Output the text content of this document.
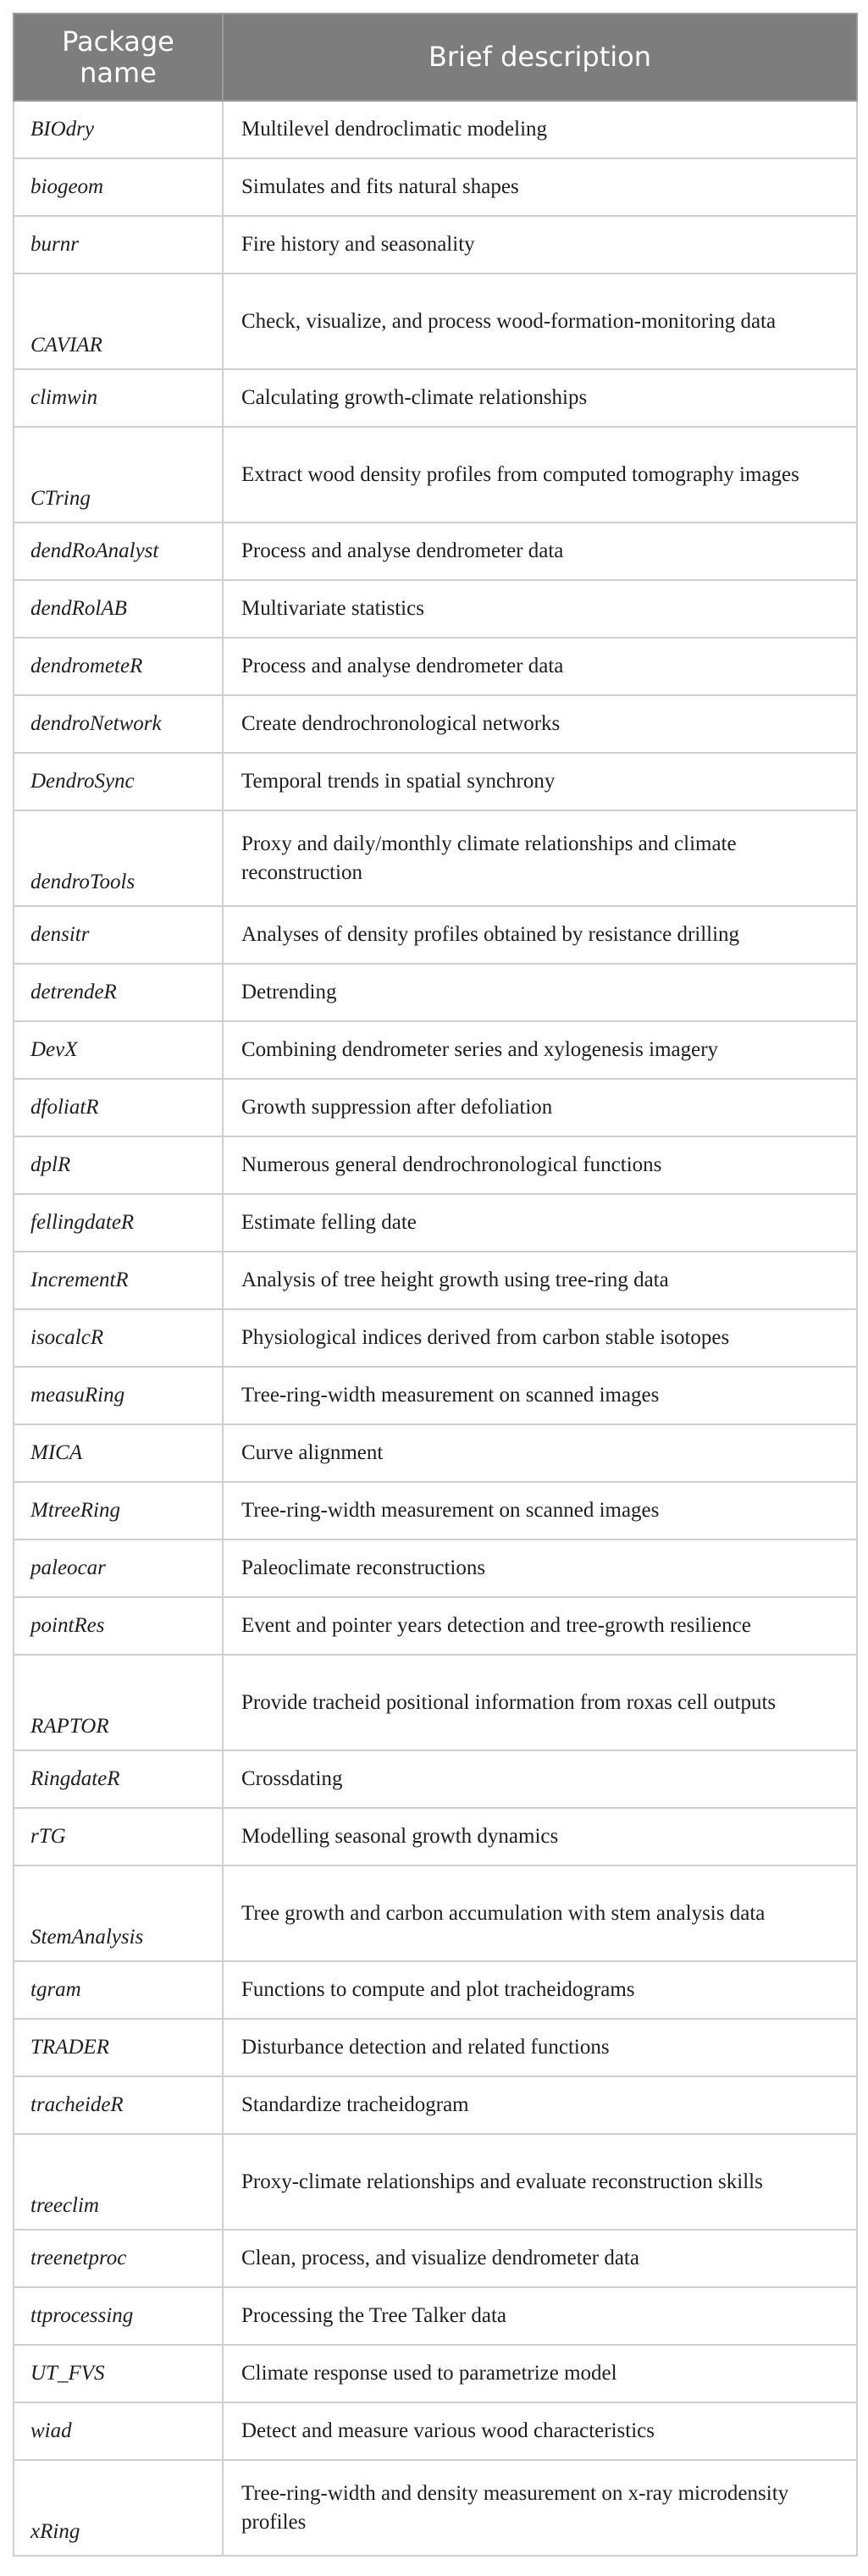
Package
name	Brief description
BIOdry	Multilevel dendroclimatic modeling
biogeom	Simulates and fits natural shapes
burnr	Fire history and seasonality
CAVIAR	Check, visualize, and process wood-formation-monitoring data
climwin	Calculating growth-climate relationships
CTring	Extract wood density profiles from computed tomography images
dendRoAnalyst	Process and analyse dendrometer data
dendRolAB	Multivariate statistics
dendrometeR	Process and analyse dendrometer data
dendroNetwork	Create dendrochronological networks
DendroSync	Temporal trends in spatial synchrony
dendroTools	Proxy and daily/monthly climate relationships and climate reconstruction
densitr	Analyses of density profiles obtained by resistance drilling
detrendeR	Detrending
DevX	Combining dendrometer series and xylogenesis imagery
dfoliatR	Growth suppression after defoliation
dplR	Numerous general dendrochronological functions
fellingdateR	Estimate felling date
IncrementR	Analysis of tree height growth using tree-ring data
isocalcR	Physiological indices derived from carbon stable isotopes
measuRing	Tree-ring-width measurement on scanned images
MICA	Curve alignment
MtreeRing	Tree-ring-width measurement on scanned images
paleocar	Paleoclimate reconstructions
pointRes	Event and pointer years detection and tree-growth resilience
RAPTOR	Provide tracheid positional information from roxas cell outputs
RingdateR	Crossdating
rTG	Modelling seasonal growth dynamics
StemAnalysis	Tree growth and carbon accumulation with stem analysis data
tgram	Functions to compute and plot tracheidograms
TRADER	Disturbance detection and related functions
tracheideR	Standardize tracheidogram
treeclim	Proxy-climate relationships and evaluate reconstruction skills
treenetproc	Clean, process, and visualize dendrometer data
ttprocessing	Processing the Tree Talker data
UT_FVS	Climate response used to parametrize model
wiad	Detect and measure various wood characteristics
xRing	Tree-ring-width and density measurement on x-ray microdensity profiles
